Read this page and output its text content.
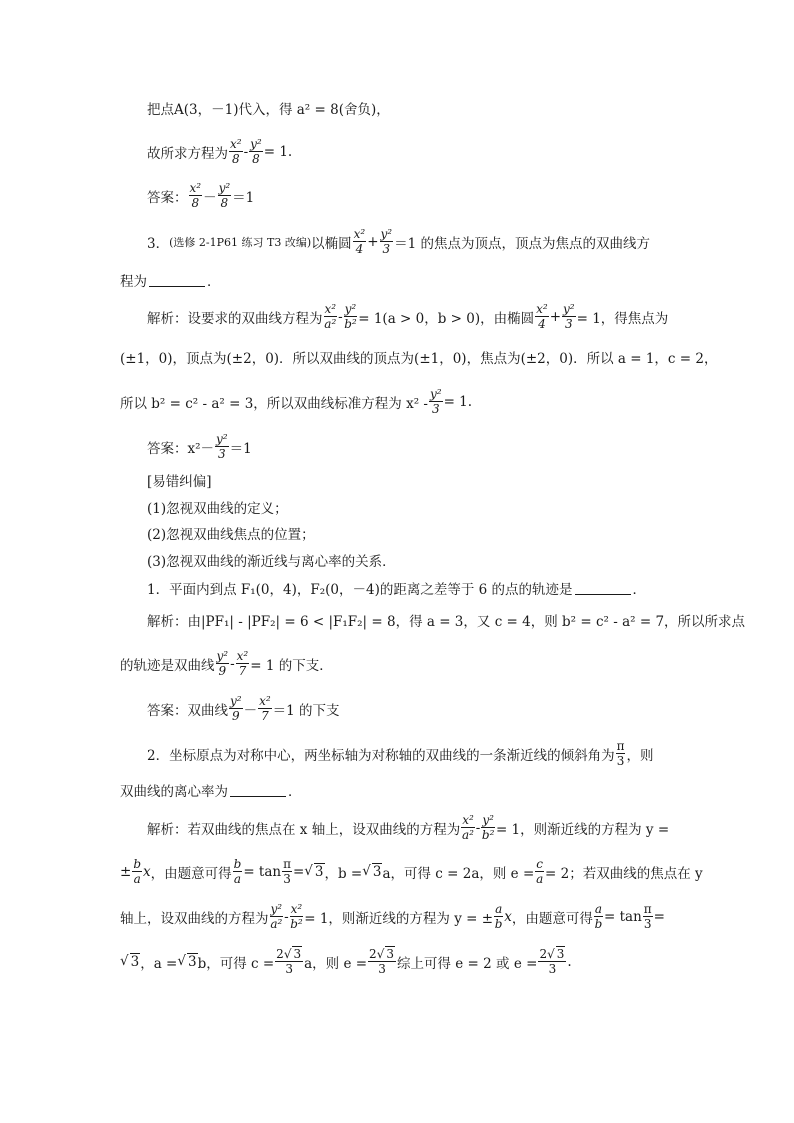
把点A(3，－1)代入，得 a² = 8(舍负)，
故所求方程为
x²
$8 - \frac{\text{y²}}{8} = 1$.
答案：
x²
8 －
y²
8 ＝1
3． (选修 2-1P61 练习 T3 改编) 以椭圆
x²
$4 + \frac{\text{y²}}{3} =1$ 的焦点为顶点，顶点为焦点的双曲线方
程为	．
解析：设要求的双曲线方程为
x²
$a^2 - \frac{\text{y²}}{\text{b²}} = 1(a > 0$，b > 0)，由椭圆
x²
$4 + \frac{\text{y²}}{3} = 1$，得焦点为
(±1，0)，顶点为(±2，0)．所以双曲线的顶点为(±1，0)，焦点为(±2，0)．所以 a = 1，c = 2，
所以 b² = c² - a² = 3，所以双曲线标准方程为 $x^2 - \frac{\text{y²}}{3} = 1$.
答案：x²－
y²
3 ＝1
[易错纠偏]
(1)忽视双曲线的定义；
(2)忽视双曲线焦点的位置；
(3)忽视双曲线的渐近线与离心率的关系．
1．平面内到点 F₁(0，4)，F₂(0，－4)的距离之差等于 6 的点的轨迹是	．
解析：由|PF₁| - |PF₂| = 6 < |F₁F₂| = 8，得 a = 3，又 c = 4，则 b² = c² - a² = 7，所以所求点
的轨迹是双曲线
y²
$9 - \frac{\text{x²}}{7} = 1$ 的下支．
答案：双曲线
y²
9 －
x²
7 ＝1 的下支
2．坐标原点为对称中心，两坐标轴为对称轴的双曲线的一条渐近线的倾斜角为
π
3 ，则
双曲线的离心率为	．
解析：若双曲线的焦点在 x 轴上，设双曲线的方程为
x²
$a^2 - \frac{\text{y²}}{\text{b²}} = 1$，则渐近线的方程为 y =
± $\frac{b}{a}$ x ，由题意可得 $\frac{b}{a} = \tan \frac{\pi}{3}$ = √ 3 ，b = √ 3 a，可得 c = 2a，则 $e = \frac{c}{a} = 2$；若双曲线的焦点在 y
轴上，设双曲线的方程为
y²
$a^2 - \frac{\text{x²}}{\text{b²}} = 1$，则渐近线的方程为 y = ± $\frac{a}{b}$ x ，由题意可得 $\frac{a}{b} = \tan \frac{\pi}{3}$ =
√ 3 ，a = √ 3 b，可得 $c = \frac{2√ 3}{3}$ a，则 $e = \frac{2√ 3}{3}$ 综上可得 e = 2 或 $e = \frac{2√ 3}{3}$ .
